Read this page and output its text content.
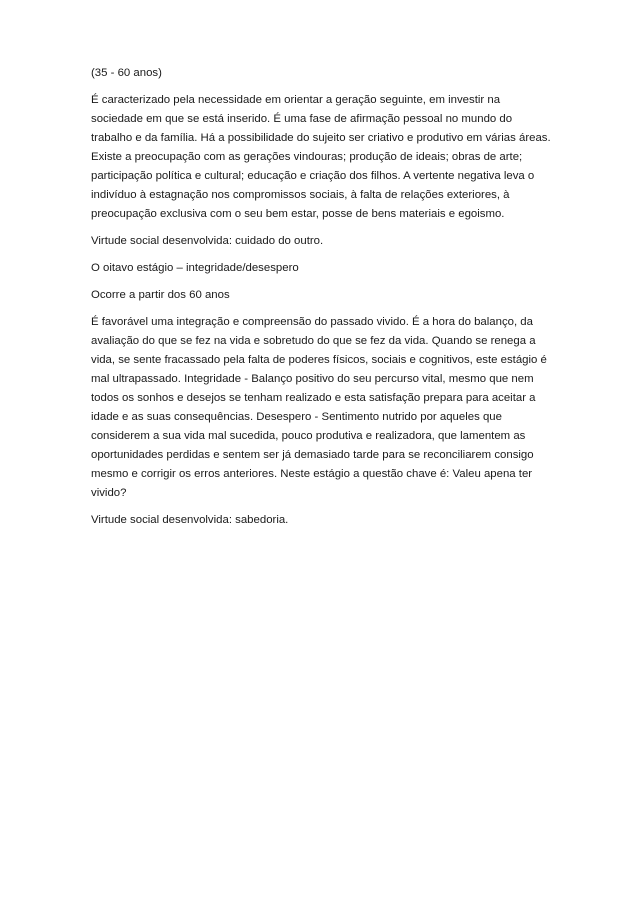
(35 - 60 anos)

É caracterizado pela necessidade em orientar a geração seguinte, em investir na sociedade em que se está inserido. É uma fase de afirmação pessoal no mundo do trabalho e da família. Há a possibilidade do sujeito ser criativo e produtivo em várias áreas. Existe a preocupação com as gerações vindouras; produção de ideais; obras de arte; participação política e cultural; educação e criação dos filhos. A vertente negativa leva o indivíduo à estagnação nos compromissos sociais, à falta de relações exteriores, à preocupação exclusiva com o seu bem estar, posse de bens materiais e egoismo.

Virtude social desenvolvida: cuidado do outro.

O oitavo estágio – integridade/desespero

Ocorre a partir dos 60 anos

É favorável uma integração e compreensão do passado vivido. É a hora do balanço, da avaliação do que se fez na vida e sobretudo do que se fez da vida. Quando se renega a vida, se sente fracassado pela falta de poderes físicos, sociais e cognitivos, este estágio é mal ultrapassado. Integridade - Balanço positivo do seu percurso vital, mesmo que nem todos os sonhos e desejos se tenham realizado e esta satisfação prepara para aceitar a idade e as suas consequências. Desespero - Sentimento nutrido por aqueles que considerem a sua vida mal sucedida, pouco produtiva e realizadora, que lamentem as oportunidades perdidas e sentem ser já demasiado tarde para se reconciliarem consigo mesmo e corrigir os erros anteriores. Neste estágio a questão chave é: Valeu apena ter vivido?

Virtude social desenvolvida: sabedoria.
